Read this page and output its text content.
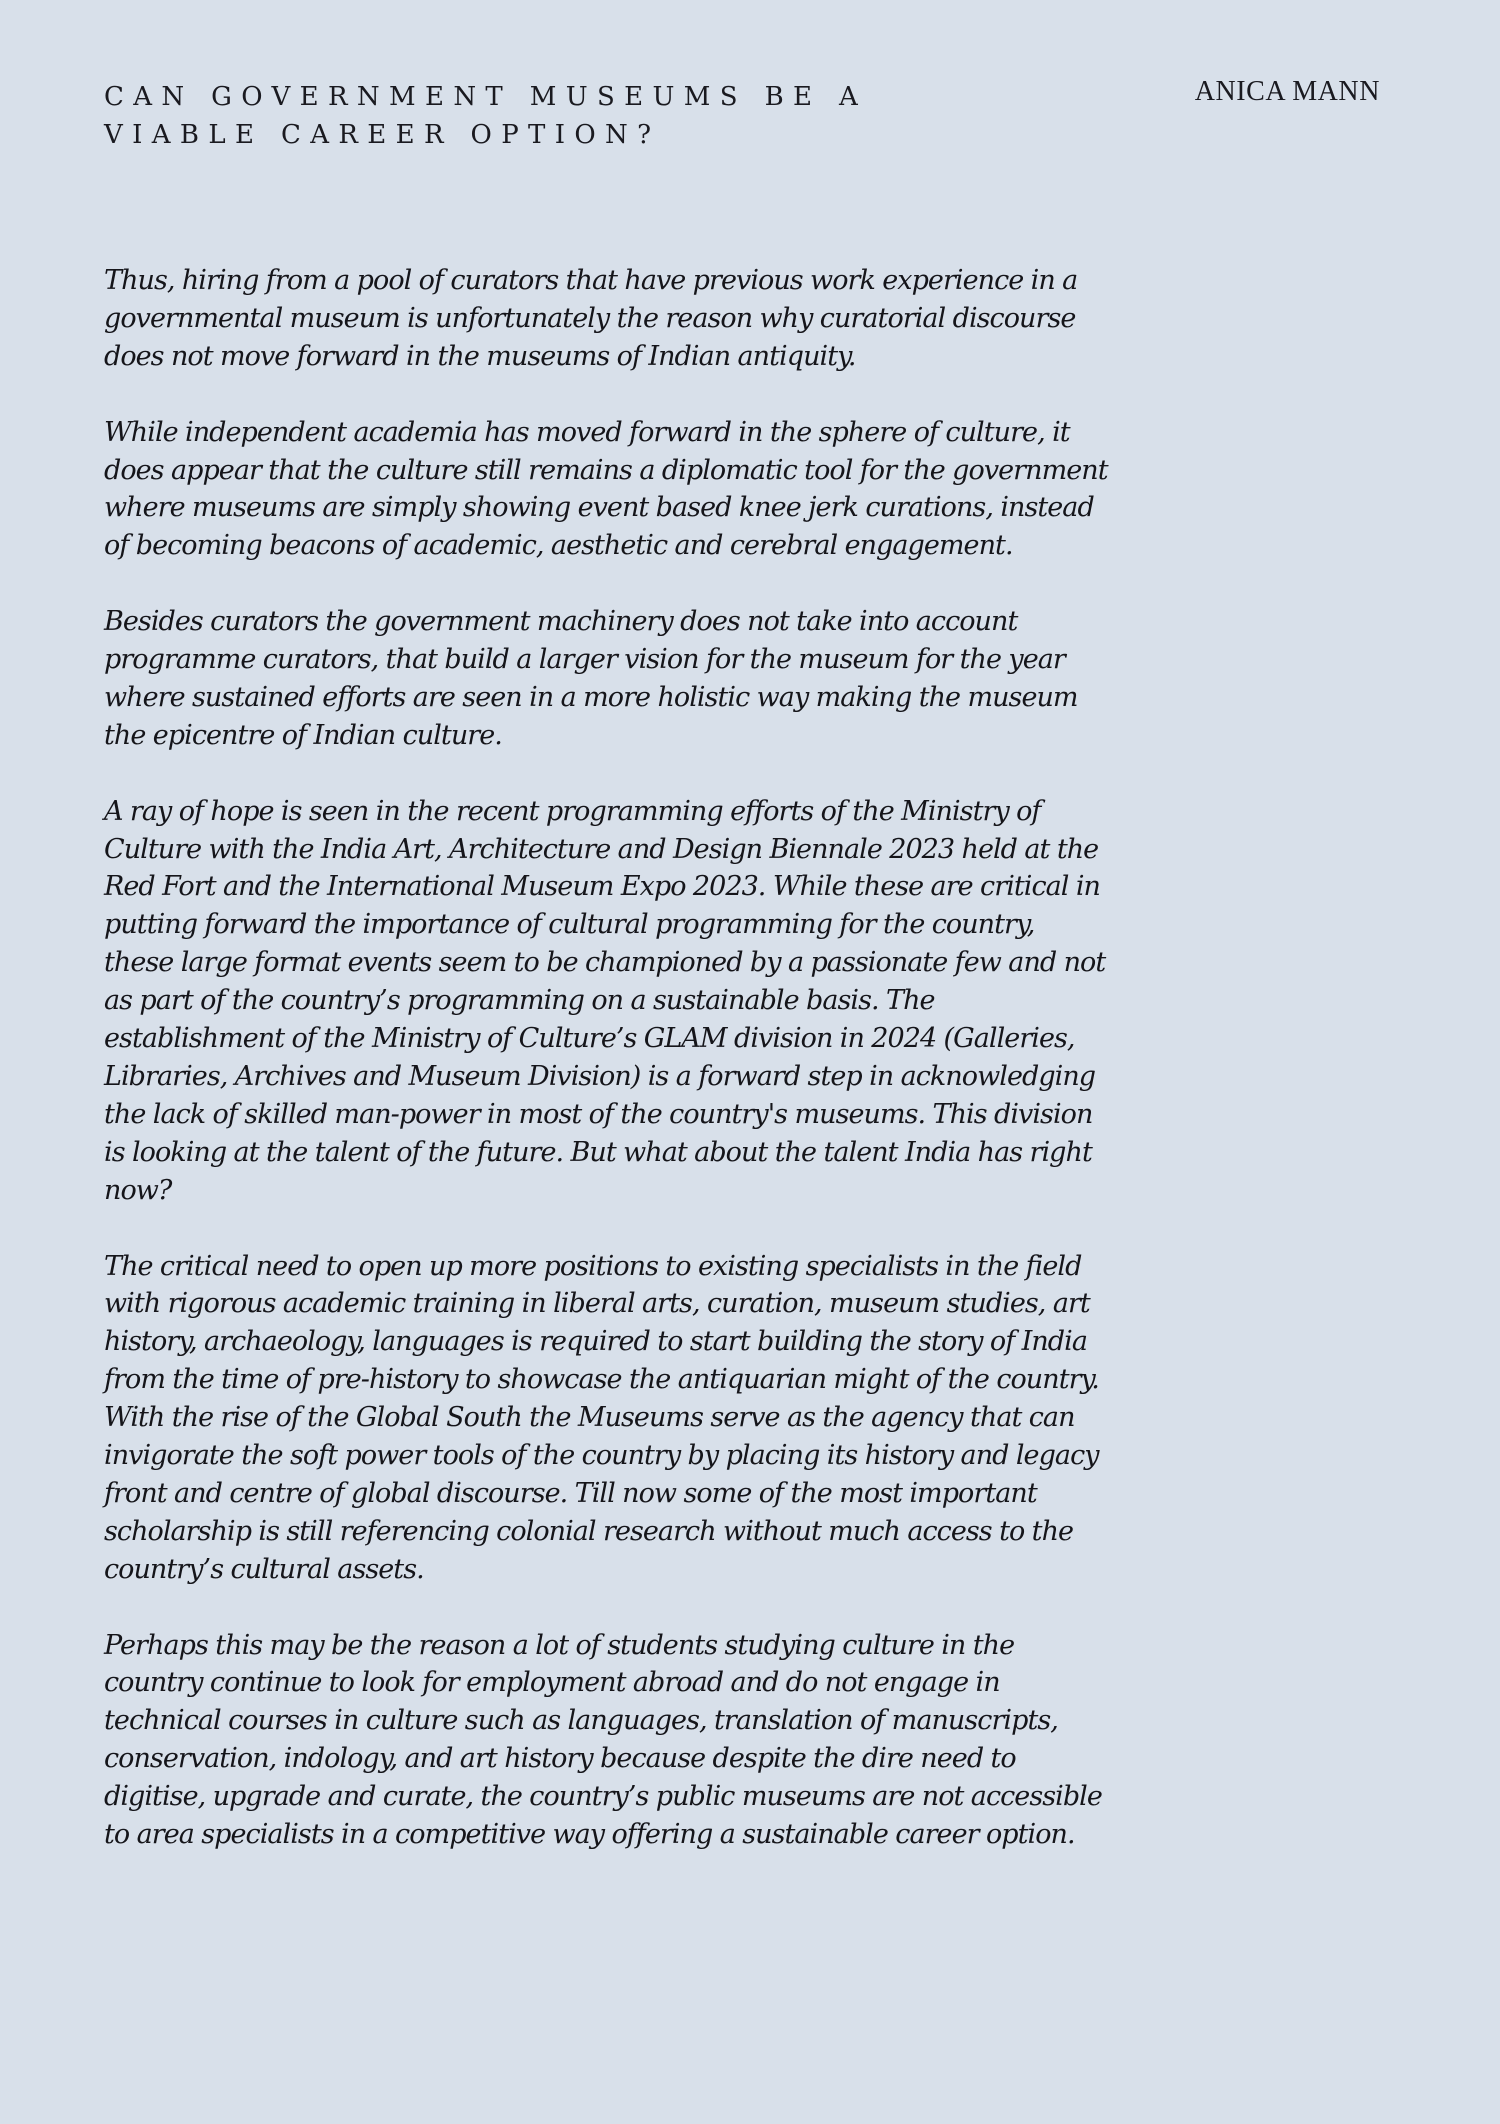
CAN GOVERNMENT MUSEUMS BE A VIABLE CAREER OPTION?
ANICA MANN

Thus, hiring from a pool of curators that have previous work experience in a governmental museum is unfortunately the reason why curatorial discourse does not move forward in the museums of Indian antiquity.

While independent academia has moved forward in the sphere of culture, it does appear that the culture still remains a diplomatic tool for the government where museums are simply showing event based knee jerk curations, instead of becoming beacons of academic, aesthetic and cerebral engagement.

Besides curators the government machinery does not take into account programme curators, that build a larger vision for the museum for the year where sustained efforts are seen in a more holistic way making the museum the epicentre of Indian culture.

A ray of hope is seen in the recent programming efforts of the Ministry of Culture with the India Art, Architecture and Design Biennale 2023 held at the Red Fort and the International Museum Expo 2023. While these are critical in putting forward the importance of cultural programming for the country, these large format events seem to be championed by a passionate few and not as part of the country’s programming on a sustainable basis. The establishment of the Ministry of Culture’s GLAM division in 2024 (Galleries, Libraries, Archives and Museum Division) is a forward step in acknowledging the lack of skilled man-power in most of the country's museums. This division is looking at the talent of the future. But what about the talent India has right now?

The critical need to open up more positions to existing specialists in the field with rigorous academic training in liberal arts, curation, museum studies, art history, archaeology, languages is required to start building the story of India from the time of pre-history to showcase the antiquarian might of the country. With the rise of the Global South the Museums serve as the agency that can invigorate the soft power tools of the country by placing its history and legacy front and centre of global discourse. Till now some of the most important scholarship is still referencing colonial research without much access to the country’s cultural assets.

Perhaps this may be the reason a lot of students studying culture in the country continue to look for employment abroad and do not engage in technical courses in culture such as languages, translation of manuscripts, conservation, indology, and art history because despite the dire need to digitise, upgrade and curate, the country’s public museums are not accessible to area specialists in a competitive way offering a sustainable career option.
